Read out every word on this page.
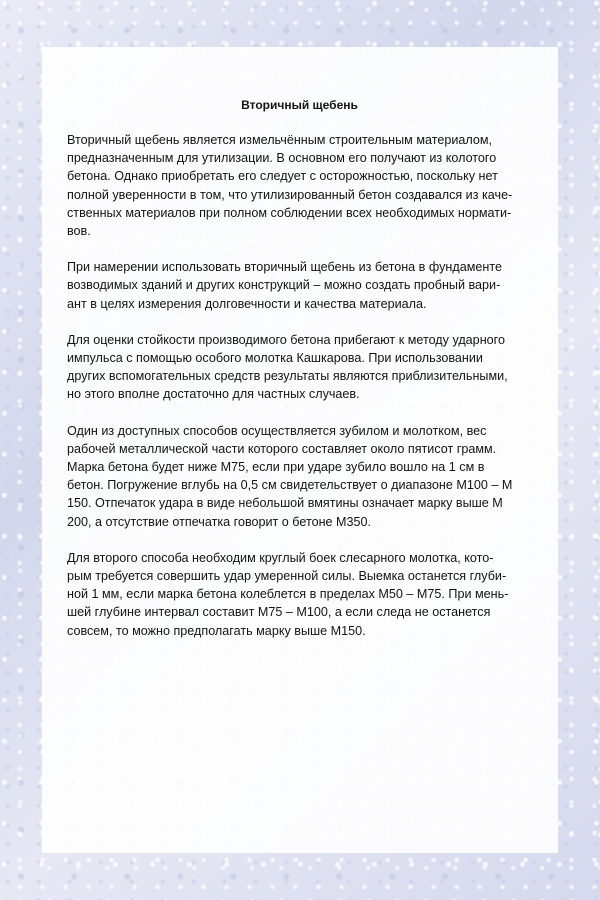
Вторичный щебень
Вторичный щебень является измельчённым строительным материалом,
предназначенным для утилизации. В основном его получают из колотого
бетона. Однако приобретать его следует с осторожностью, поскольку нет
полной уверенности в том, что утилизированный бетон создавался из каче-
ственных материалов при полном соблюдении всех необходимых нормати-
вов.
При намерении использовать вторичный щебень из бетона в фундаменте
возводимых зданий и других конструкций – можно создать пробный вари-
ант в целях измерения долговечности и качества материала.
Для оценки стойкости производимого бетона прибегают к методу ударного
импульса с помощью особого молотка Кашкарова. При использовании
других вспомогательных средств результаты являются приблизительными,
но этого вполне достаточно для частных случаев.
Один из доступных способов осуществляется зубилом и молотком, вес
рабочей металлической части которого составляет около пятисот грамм.
Марка бетона будет ниже М75, если при ударе зубило вошло на 1 см в
бетон. Погружение вглубь на 0,5 см свидетельствует о диапазоне М100 – М
150. Отпечаток удара в виде небольшой вмятины означает марку выше М
200, а отсутствие отпечатка говорит о бетоне М350.
Для второго способа необходим круглый боек слесарного молотка, кото-
рым требуется совершить удар умеренной силы. Выемка останется глуби-
ной 1 мм, если марка бетона колеблется в пределах М50 – М75. При мень-
шей глубине интервал составит М75 – М100, а если следа не останется
совсем, то можно предполагать марку выше М150.
